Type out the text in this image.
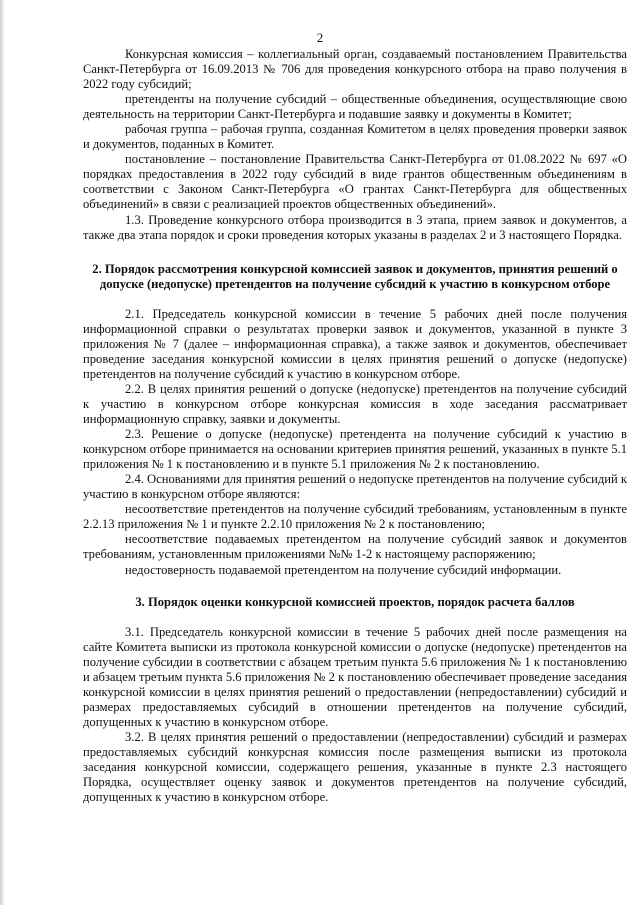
2

Конкурсная комиссия – коллегиальный орган, создаваемый постановлением Правительства Санкт-Петербурга от 16.09.2013 № 706 для проведения конкурсного отбора на право получения в 2022 году субсидий;

претенденты на получение субсидий – общественные объединения, осуществляющие свою деятельность на территории Санкт-Петербурга и подавшие заявку и документы в Комитет;

рабочая группа – рабочая группа, созданная Комитетом в целях проведения проверки заявок и документов, поданных в Комитет.

постановление – постановление Правительства Санкт-Петербурга от 01.08.2022 № 697 «О порядках предоставления в 2022 году субсидий в виде грантов общественным объединениям в соответствии с Законом Санкт-Петербурга «О грантах Санкт-Петербурга для общественных объединений» в связи с реализацией проектов общественных объединений».

1.3. Проведение конкурсного отбора производится в 3 этапа, прием заявок и документов, а также два этапа порядок и сроки проведения которых указаны в разделах 2 и 3 настоящего Порядка.

2. Порядок рассмотрения конкурсной комиссией заявок и документов, принятия решений о допуске (недопуске) претендентов на получение субсидий к участию в конкурсном отборе

2.1. Председатель конкурсной комиссии в течение 5 рабочих дней после получения информационной справки о результатах проверки заявок и документов, указанной в пункте 3 приложения № 7 (далее – информационная справка), а также заявок и документов, обеспечивает проведение заседания конкурсной комиссии в целях принятия решений о допуске (недопуске) претендентов на получение субсидий к участию в конкурсном отборе.

2.2. В целях принятия решений о допуске (недопуске) претендентов на получение субсидий к участию в конкурсном отборе конкурсная комиссия в ходе заседания рассматривает информационную справку, заявки и документы.

2.3. Решение о допуске (недопуске) претендента на получение субсидий к участию в конкурсном отборе принимается на основании критериев принятия решений, указанных в пункте 5.1 приложения № 1 к постановлению и в пункте 5.1 приложения № 2 к постановлению.

2.4. Основаниями для принятия решений о недопуске претендентов на получение субсидий к участию в конкурсном отборе являются:

несоответствие претендентов на получение субсидий требованиям, установленным в пункте 2.2.13 приложения № 1 и пункте 2.2.10 приложения № 2 к постановлению;

несоответствие подаваемых претендентом на получение субсидий заявок и документов требованиям, установленным приложениями №№ 1-2 к настоящему распоряжению;

недостоверность подаваемой претендентом на получение субсидий информации.

3. Порядок оценки конкурсной комиссией проектов, порядок расчета баллов

3.1. Председатель конкурсной комиссии в течение 5 рабочих дней после размещения на сайте Комитета выписки из протокола конкурсной комиссии о допуске (недопуске) претендентов на получение субсидии в соответствии с абзацем третьим пункта 5.6 приложения № 1 к постановлению и абзацем третьим пункта 5.6 приложения № 2 к постановлению обеспечивает проведение заседания конкурсной комиссии в целях принятия решений о предоставлении (непредоставлении) субсидий и размерах предоставляемых субсидий в отношении претендентов на получение субсидий, допущенных к участию в конкурсном отборе.

3.2. В целях принятия решений о предоставлении (непредоставлении) субсидий и размерах предоставляемых субсидий конкурсная комиссия после размещения выписки из протокола заседания конкурсной комиссии, содержащего решения, указанные в пункте 2.3 настоящего Порядка, осуществляет оценку заявок и документов претендентов на получение субсидий, допущенных к участию в конкурсном отборе.
